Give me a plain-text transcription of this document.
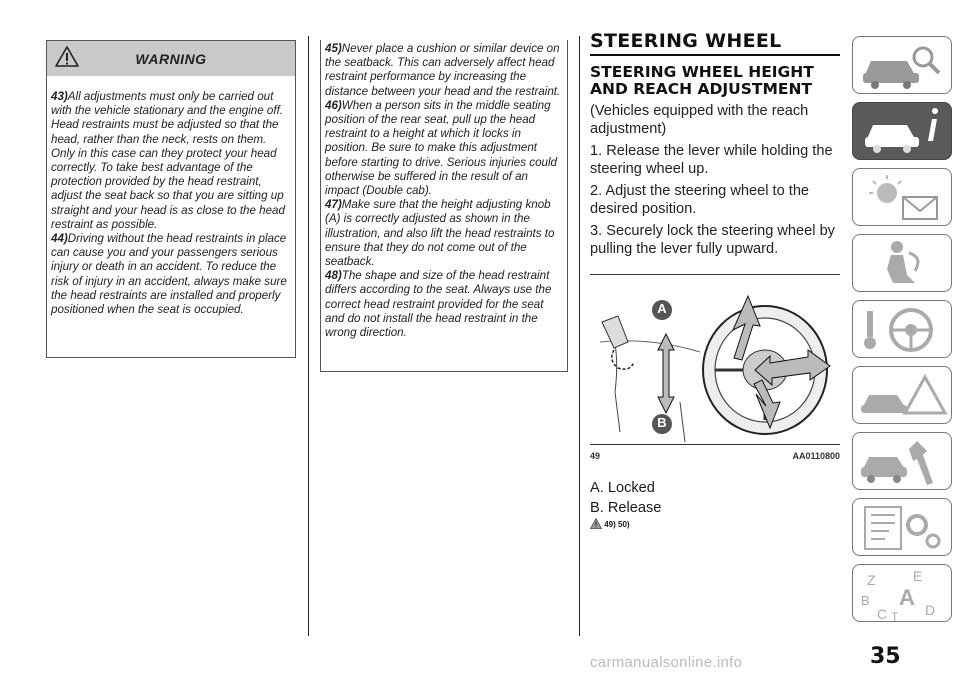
WARNING
43)All adjustments must only be carried out with the vehicle stationary and the engine off. Head restraints must be adjusted so that the head, rather than the neck, rests on them. Only in this case can they protect your head correctly. To take best advantage of the protection provided by the head restraint, adjust the seat back so that you are sitting up straight and your head is as close to the head restraint as possible.
44)Driving without the head restraints in place can cause you and your passengers serious injury or death in an accident. To reduce the risk of injury in an accident, always make sure the head restraints are installed and properly positioned when the seat is occupied.
45)Never place a cushion or similar device on the seatback. This can adversely affect head restraint performance by increasing the distance between your head and the restraint.
46)When a person sits in the middle seating position of the rear seat, pull up the head restraint to a height at which it locks in position. Be sure to make this adjustment before starting to drive. Serious injuries could otherwise be suffered in the result of an impact (Double cab).
47)Make sure that the height adjusting knob (A) is correctly adjusted as shown in the illustration, and also lift the head restraints to ensure that they do not come out of the seatback.
48)The shape and size of the head restraint differs according to the seat. Always use the correct head restraint provided for the seat and do not install the head restraint in the wrong direction.
STEERING WHEEL
STEERING WHEEL HEIGHT AND REACH ADJUSTMENT

(Vehicles equipped with the reach adjustment)

1. Release the lever while holding the steering wheel up.

2. Adjust the steering wheel to the desired position.

3. Securely lock the steering wheel by pulling the lever fully upward.

A
B
49	AA0110800

A. Locked

B. Release

49) 50)
Z	E
B A
C	D
T
35
carmanualsonline.info
